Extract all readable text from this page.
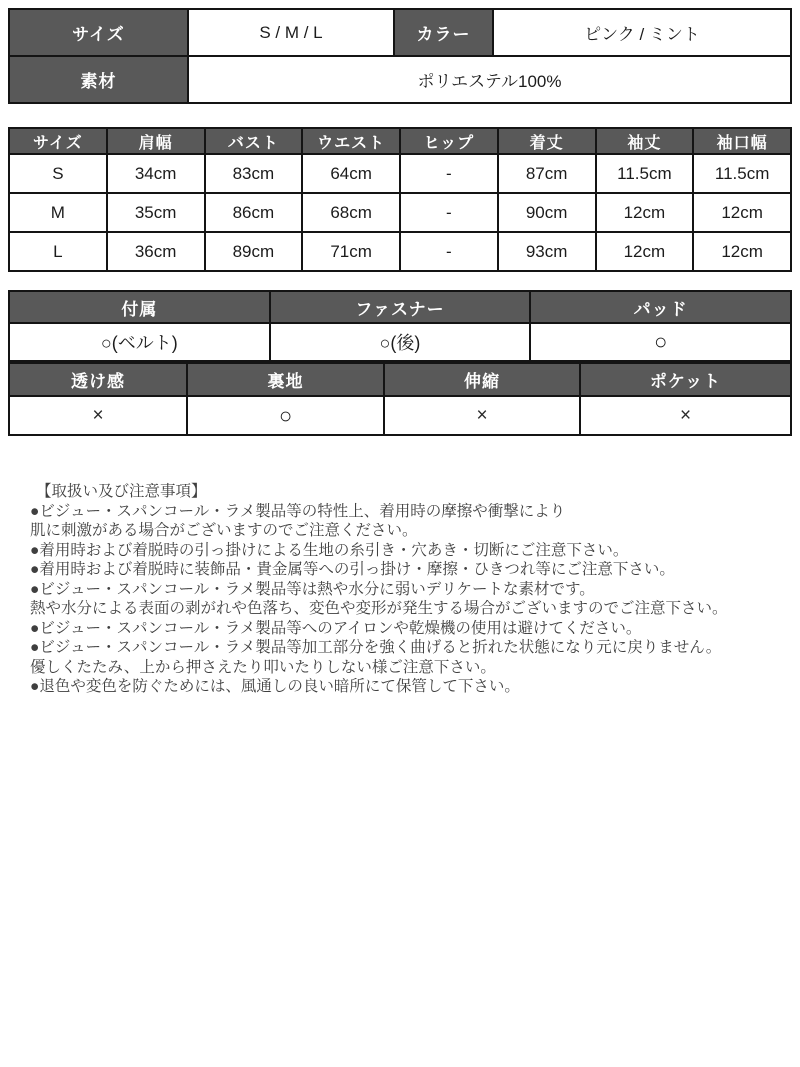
サイズ	S / M / L	カラー	ピンク / ミント
素材	ポリエステル100%
サイズ	肩幅	バスト	ウエスト	ヒップ	着丈	袖丈	袖口幅
S	34cm	83cm	64cm	-	87cm	11.5cm	11.5cm
M	35cm	86cm	68cm	-	90cm	12cm	12cm
L	36cm	89cm	71cm	-	93cm	12cm	12cm
付属	ファスナー	パッド
○(ベルト)	○(後)	○
透け感	裏地	伸縮	ポケット
×	○	×	×
【取扱い及び注意事項】
●ビジュー・スパンコール・ラメ製品等の特性上、着用時の摩擦や衝撃により
肌に刺激がある場合がございますのでご注意ください。
●着用時および着脱時の引っ掛けによる生地の糸引き・穴あき・切断にご注意下さい。
●着用時および着脱時に装飾品・貴金属等への引っ掛け・摩擦・ひきつれ等にご注意下さい。
●ビジュー・スパンコール・ラメ製品等は熱や水分に弱いデリケートな素材です。
熱や水分による表面の剥がれや色落ち、変色や変形が発生する場合がございますのでご注意下さい。
●ビジュー・スパンコール・ラメ製品等へのアイロンや乾燥機の使用は避けてください。
●ビジュー・スパンコール・ラメ製品等加工部分を強く曲げると折れた状態になり元に戻りません。
優しくたたみ、上から押さえたり叩いたりしない様ご注意下さい。
●退色や変色を防ぐためには、風通しの良い暗所にて保管して下さい。
